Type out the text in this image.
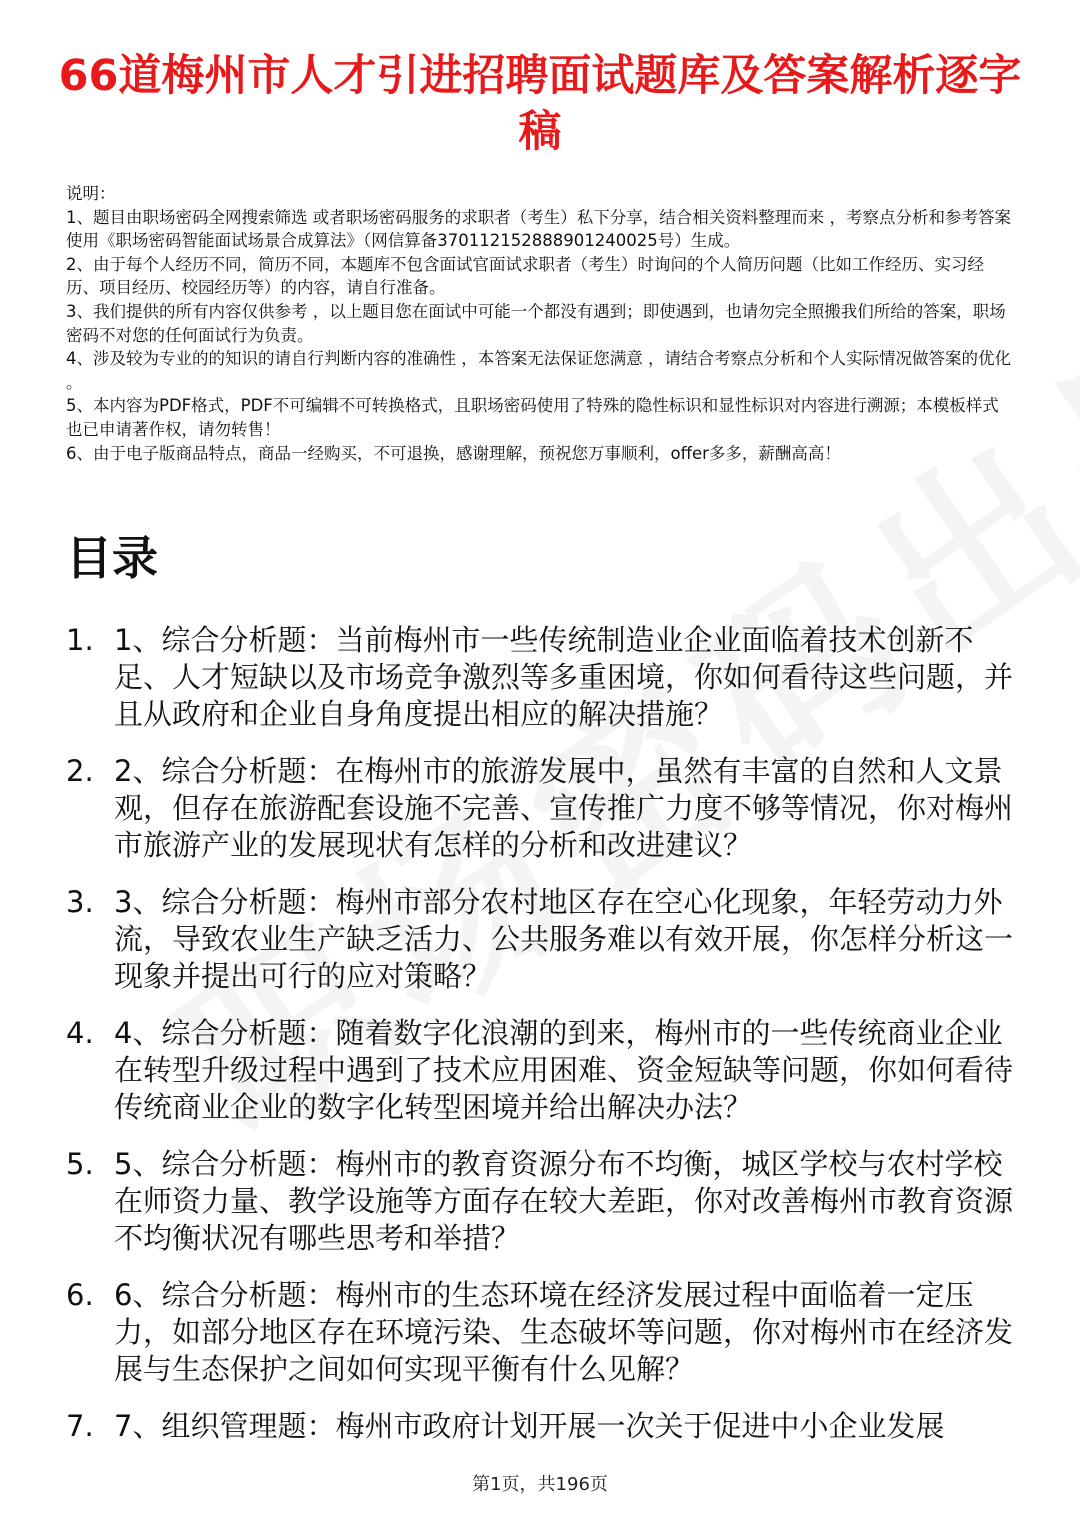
66道梅州市人才引进招聘面试题库及答案解析逐字稿

说明：

1、题目由职场密码全网搜索筛选 或者职场密码服务的求职者（考生）私下分享，结合相关资料整理而来 ，考察点分析和参考答案使用《职场密码智能面试场景合成算法》（网信算备370112152888901240025号）生成。

2、由于每个人经历不同，简历不同，本题库不包含面试官面试求职者（考生）时询问的个人简历问题（比如工作经历、实习经历、项目经历、校园经历等）的内容，请自行准备。

3、我们提供的所有内容仅供参考 ，以上题目您在面试中可能一个都没有遇到；即使遇到，也请勿完全照搬我们所给的答案，职场密码不对您的任何面试行为负责。

4、涉及较为专业的的知识的请自行判断内容的准确性 ，本答案无法保证您满意 ，请结合考察点分析和个人实际情况做答案的优化 。

5、本内容为PDF格式，PDF不可编辑不可转换格式，且职场密码使用了特殊的隐性标识和显性标识对内容进行溯源；本模板样式也已申请著作权，请勿转售！

6、由于电子版商品特点，商品一经购买，不可退换，感谢理解，预祝您万事顺利，offer多多，薪酬高高！

目录
1. 1、综合分析题：当前梅州市一些传统制造业企业面临着技术创新不足、人才短缺以及市场竞争激烈等多重困境，你如何看待这些问题，并且从政府和企业自身角度提出相应的解决措施？
2. 2、综合分析题：在梅州市的旅游发展中，虽然有丰富的自然和人文景观，但存在旅游配套设施不完善、宣传推广力度不够等情况，你对梅州市旅游产业的发展现状有怎样的分析和改进建议？
3. 3、综合分析题：梅州市部分农村地区存在空心化现象，年轻劳动力外流，导致农业生产缺乏活力、公共服务难以有效开展，你怎样分析这一现象并提出可行的应对策略？
4. 4、综合分析题：随着数字化浪潮的到来，梅州市的一些传统商业企业在转型升级过程中遇到了技术应用困难、资金短缺等问题，你如何看待传统商业企业的数字化转型困境并给出解决办法？
5. 5、综合分析题：梅州市的教育资源分布不均衡，城区学校与农村学校在师资力量、教学设施等方面存在较大差距，你对改善梅州市教育资源不均衡状况有哪些思考和举措？
6. 6、综合分析题：梅州市的生态环境在经济发展过程中面临着一定压力，如部分地区存在环境污染、生态破坏等问题，你对梅州市在经济发展与生态保护之间如何实现平衡有什么见解？
7. 7、组织管理题：梅州市政府计划开展一次关于促进中小企业发展
第1页，共196页
